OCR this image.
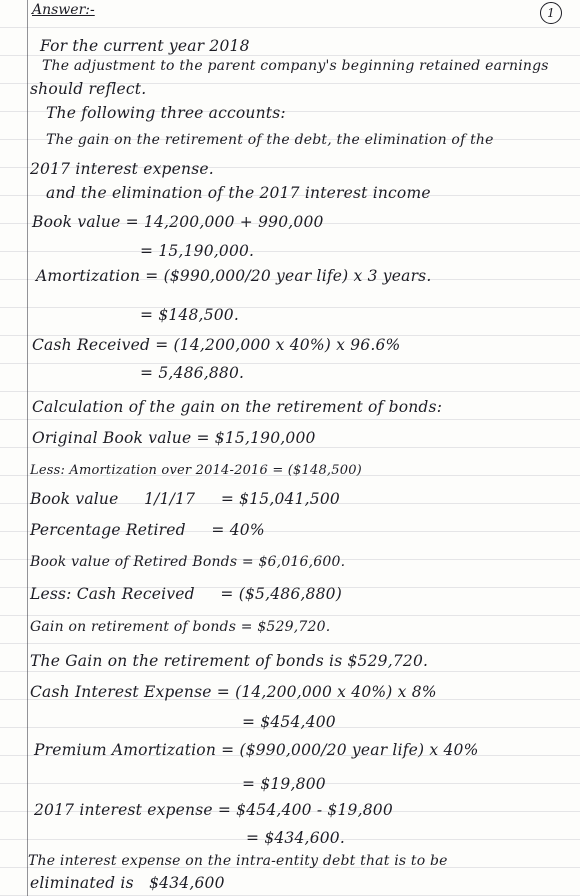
Answer:-	1
For the current year 2018
The adjustment to the parent company's beginning retained earnings
should reflect.
The following three accounts:
The gain on the retirement of the debt, the elimination of the
2017 interest expense.
and the elimination of the 2017 interest income
Book value = 14,200,000 + 990,000
= 15,190,000.
Amortization = ($990,000/20 year life) x 3 years.
= $148,500.
Cash Received = (14,200,000 x 40%) x 96.6%
= 5,486,880.
Calculation of the gain on the retirement of bonds:
Original Book value = $15,190,000
Less: Amortization over 2014-2016 = ($148,500)
Book value     1/1/17     = $15,041,500
Percentage Retired     = 40%
Book value of Retired Bonds = $6,016,600.
Less: Cash Received     = ($5,486,880)
Gain on retirement of bonds = $529,720.
The Gain on the retirement of bonds is $529,720.
Cash Interest Expense = (14,200,000 x 40%) x 8%
= $454,400
Premium Amortization = ($990,000/20 year life) x 40%
= $19,800
2017 interest expense = $454,400 - $19,800
= $434,600.
The interest expense on the intra-entity debt that is to be
eliminated is   $434,600
